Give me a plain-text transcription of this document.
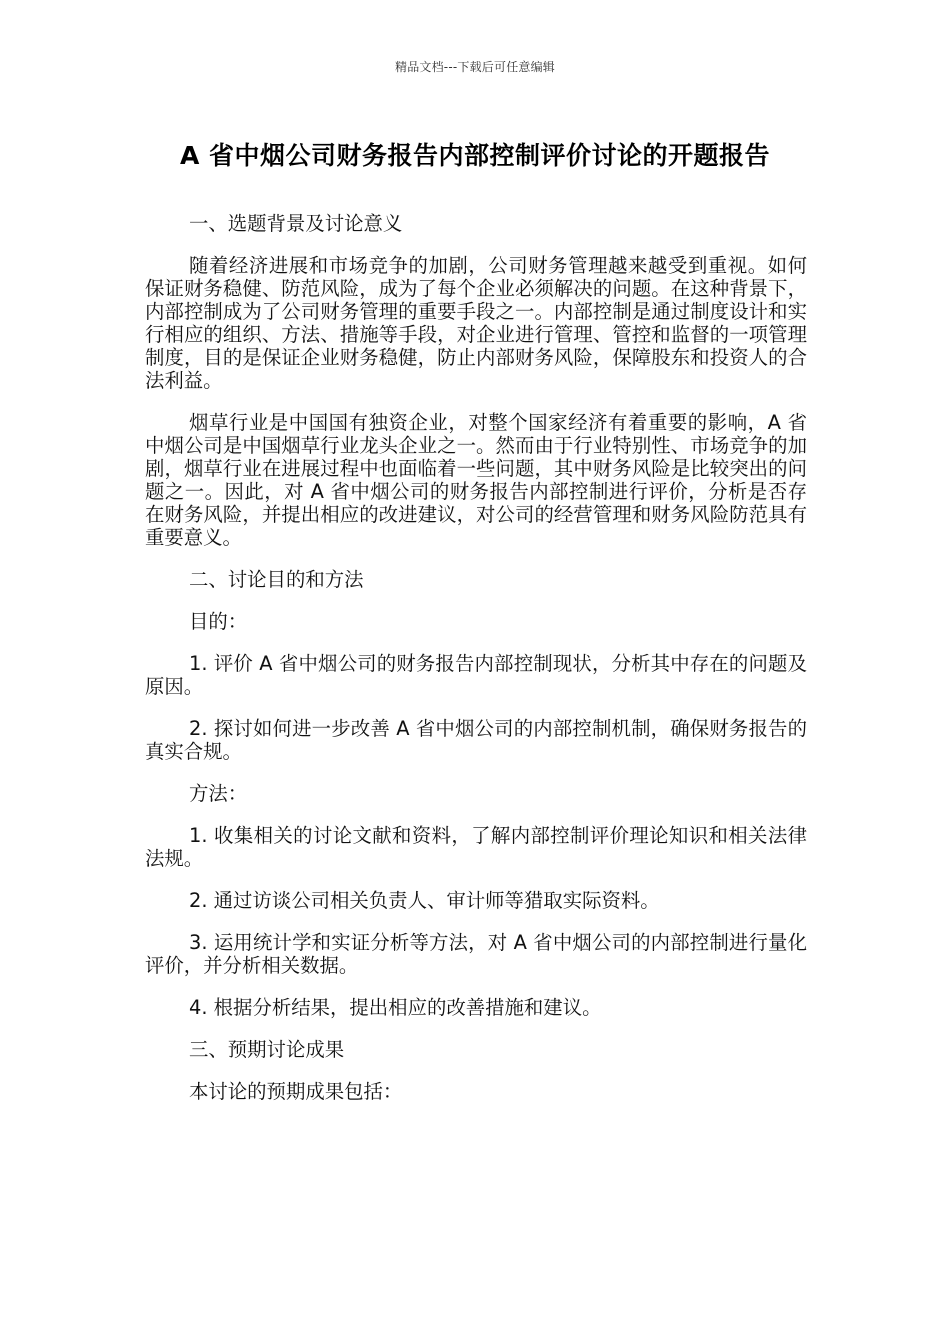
精品文档---下载后可任意编辑
A 省中烟公司财务报告内部控制评价讨论的开题报告

一、选题背景及讨论意义

随着经济进展和市场竞争的加剧，公司财务管理越来越受到重视。如何保证财务稳健、防范风险，成为了每个企业必须解决的问题。在这种背景下，内部控制成为了公司财务管理的重要手段之一。内部控制是通过制度设计和实行相应的组织、方法、措施等手段，对企业进行管理、管控和监督的一项管理制度，目的是保证企业财务稳健，防止内部财务风险，保障股东和投资人的合法利益。

烟草行业是中国国有独资企业，对整个国家经济有着重要的影响，A 省中烟公司是中国烟草行业龙头企业之一。然而由于行业特别性、市场竞争的加剧，烟草行业在进展过程中也面临着一些问题，其中财务风险是比较突出的问题之一。因此，对 A 省中烟公司的财务报告内部控制进行评价，分析是否存在财务风险，并提出相应的改进建议，对公司的经营管理和财务风险防范具有重要意义。

二、讨论目的和方法

目的：

1. 评价 A 省中烟公司的财务报告内部控制现状，分析其中存在的问题及原因。

2. 探讨如何进一步改善 A 省中烟公司的内部控制机制，确保财务报告的真实合规。

方法：

1. 收集相关的讨论文献和资料，了解内部控制评价理论知识和相关法律法规。

2. 通过访谈公司相关负责人、审计师等猎取实际资料。

3. 运用统计学和实证分析等方法，对 A 省中烟公司的内部控制进行量化评价，并分析相关数据。

4. 根据分析结果，提出相应的改善措施和建议。

三、预期讨论成果

本讨论的预期成果包括：
